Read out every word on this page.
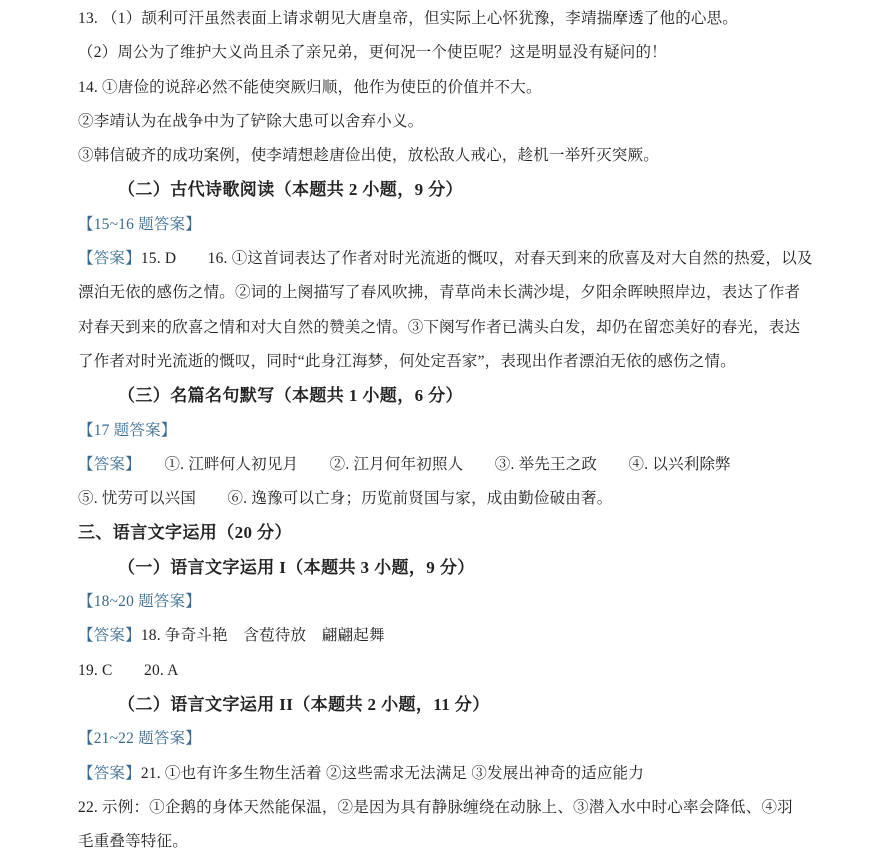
13. （1）颉利可汗虽然表面上请求朝见大唐皇帝，但实际上心怀犹豫，李靖揣摩透了他的心思。
（2）周公为了维护大义尚且杀了亲兄弟，更何况一个使臣呢？这是明显没有疑问的！
14. ①唐俭的说辞必然不能使突厥归顺，他作为使臣的价值并不大。
②李靖认为在战争中为了铲除大患可以舍弃小义。
③韩信破齐的成功案例，使李靖想趁唐俭出使，放松敌人戒心，趁机一举歼灭突厥。
（二）古代诗歌阅读（本题共 2 小题，9 分）
【15~16 题答案】
【答案】15. D　　16. ①这首词表达了作者对时光流逝的慨叹，对春天到来的欣喜及对大自然的热爱，以及
漂泊无依的感伤之情。②词的上阕描写了春风吹拂，青草尚未长满沙堤，夕阳余晖映照岸边，表达了作者
对春天到来的欣喜之情和对大自然的赞美之情。③下阕写作者已满头白发，却仍在留恋美好的春光，表达
了作者对时光流逝的慨叹，同时“此身江海梦，何处定吾家”，表现出作者漂泊无依的感伤之情。
（三）名篇名句默写（本题共 1 小题，6 分）
【17 题答案】
【答案】　　①. 江畔何人初见月　　②. 江月何年初照人　　③. 举先王之政　　④. 以兴利除弊
⑤. 忧劳可以兴国　　⑥. 逸豫可以亡身；历览前贤国与家，成由勤俭破由奢。
三、语言文字运用（20 分）
（一）语言文字运用 I（本题共 3 小题，9 分）
【18~20 题答案】
【答案】18. 争奇斗艳　含苞待放　翩翩起舞
19. C　　20. A
（二）语言文字运用 II（本题共 2 小题，11 分）
【21~22 题答案】
【答案】21. ①也有许多生物生活着 ②这些需求无法满足 ③发展出神奇的适应能力
22. 示例：①企鹅的身体天然能保温，②是因为具有静脉缠绕在动脉上、③潜入水中时心率会降低、④羽
毛重叠等特征。
